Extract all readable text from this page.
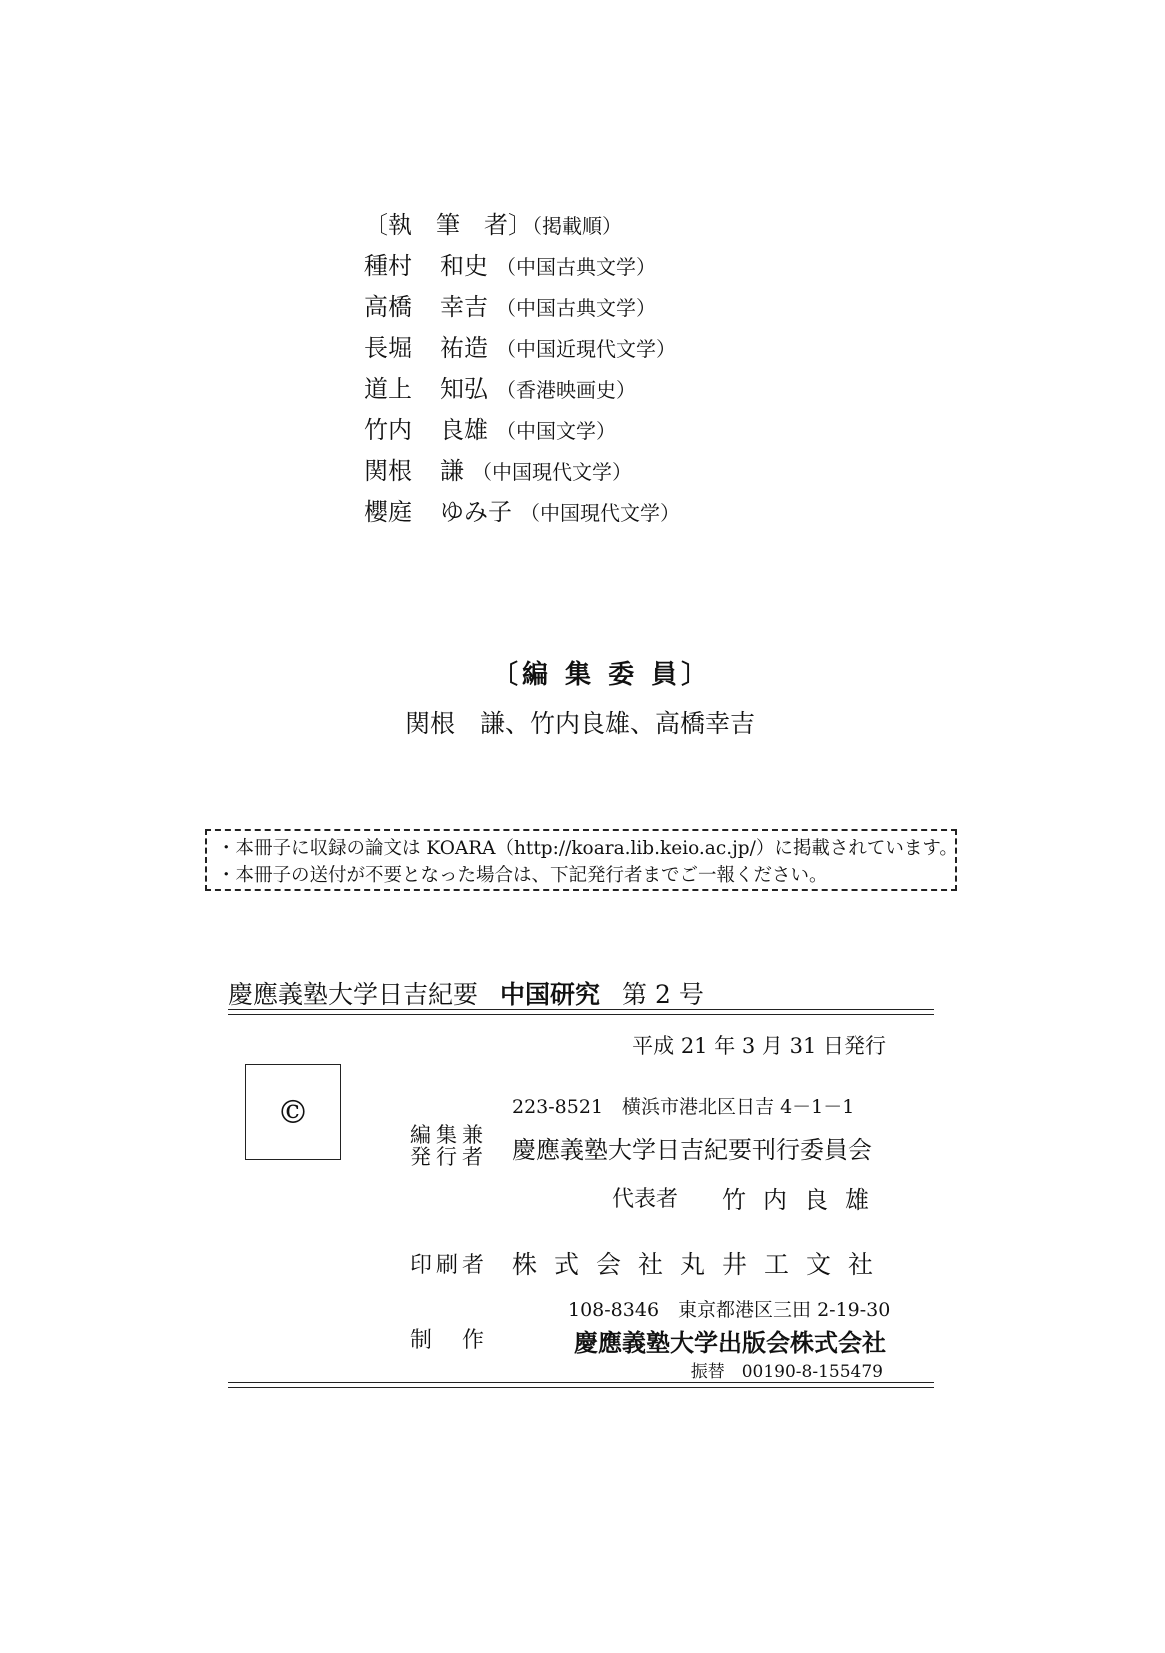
〔執　筆　者〕（掲載順）
種村 和史 （中国古典文学）
高橋 幸吉 （中国古典文学）
長堀 祐造 （中国近現代文学）
道上 知弘 （香港映画史）
竹内 良雄 （中国文学）
関根 謙 （中国現代文学）
櫻庭 ゆみ子 （中国現代文学）
〔編 集 委 員〕
関根　謙、竹内良雄、高橋幸吉
・本冊子に収録の論文は KOARA（http://koara.lib.keio.ac.jp/）に掲載されています。
・本冊子の送付が不要となった場合は、下記発行者までご一報ください。
慶應義塾大学日吉紀要 中国研究 第 2 号
平成 21 年 3 月 31 日発行
©
編集兼
発行者
223-8521　横浜市港北区日吉 4－1－1
慶應義塾大学日吉紀要刊行委員会
代表者 竹内良雄
印刷者 株式会社丸井工文社
108-8346　東京都港区三田 2-19-30
制作 慶應義塾大学出版会株式会社
振替　00190-8-155479
